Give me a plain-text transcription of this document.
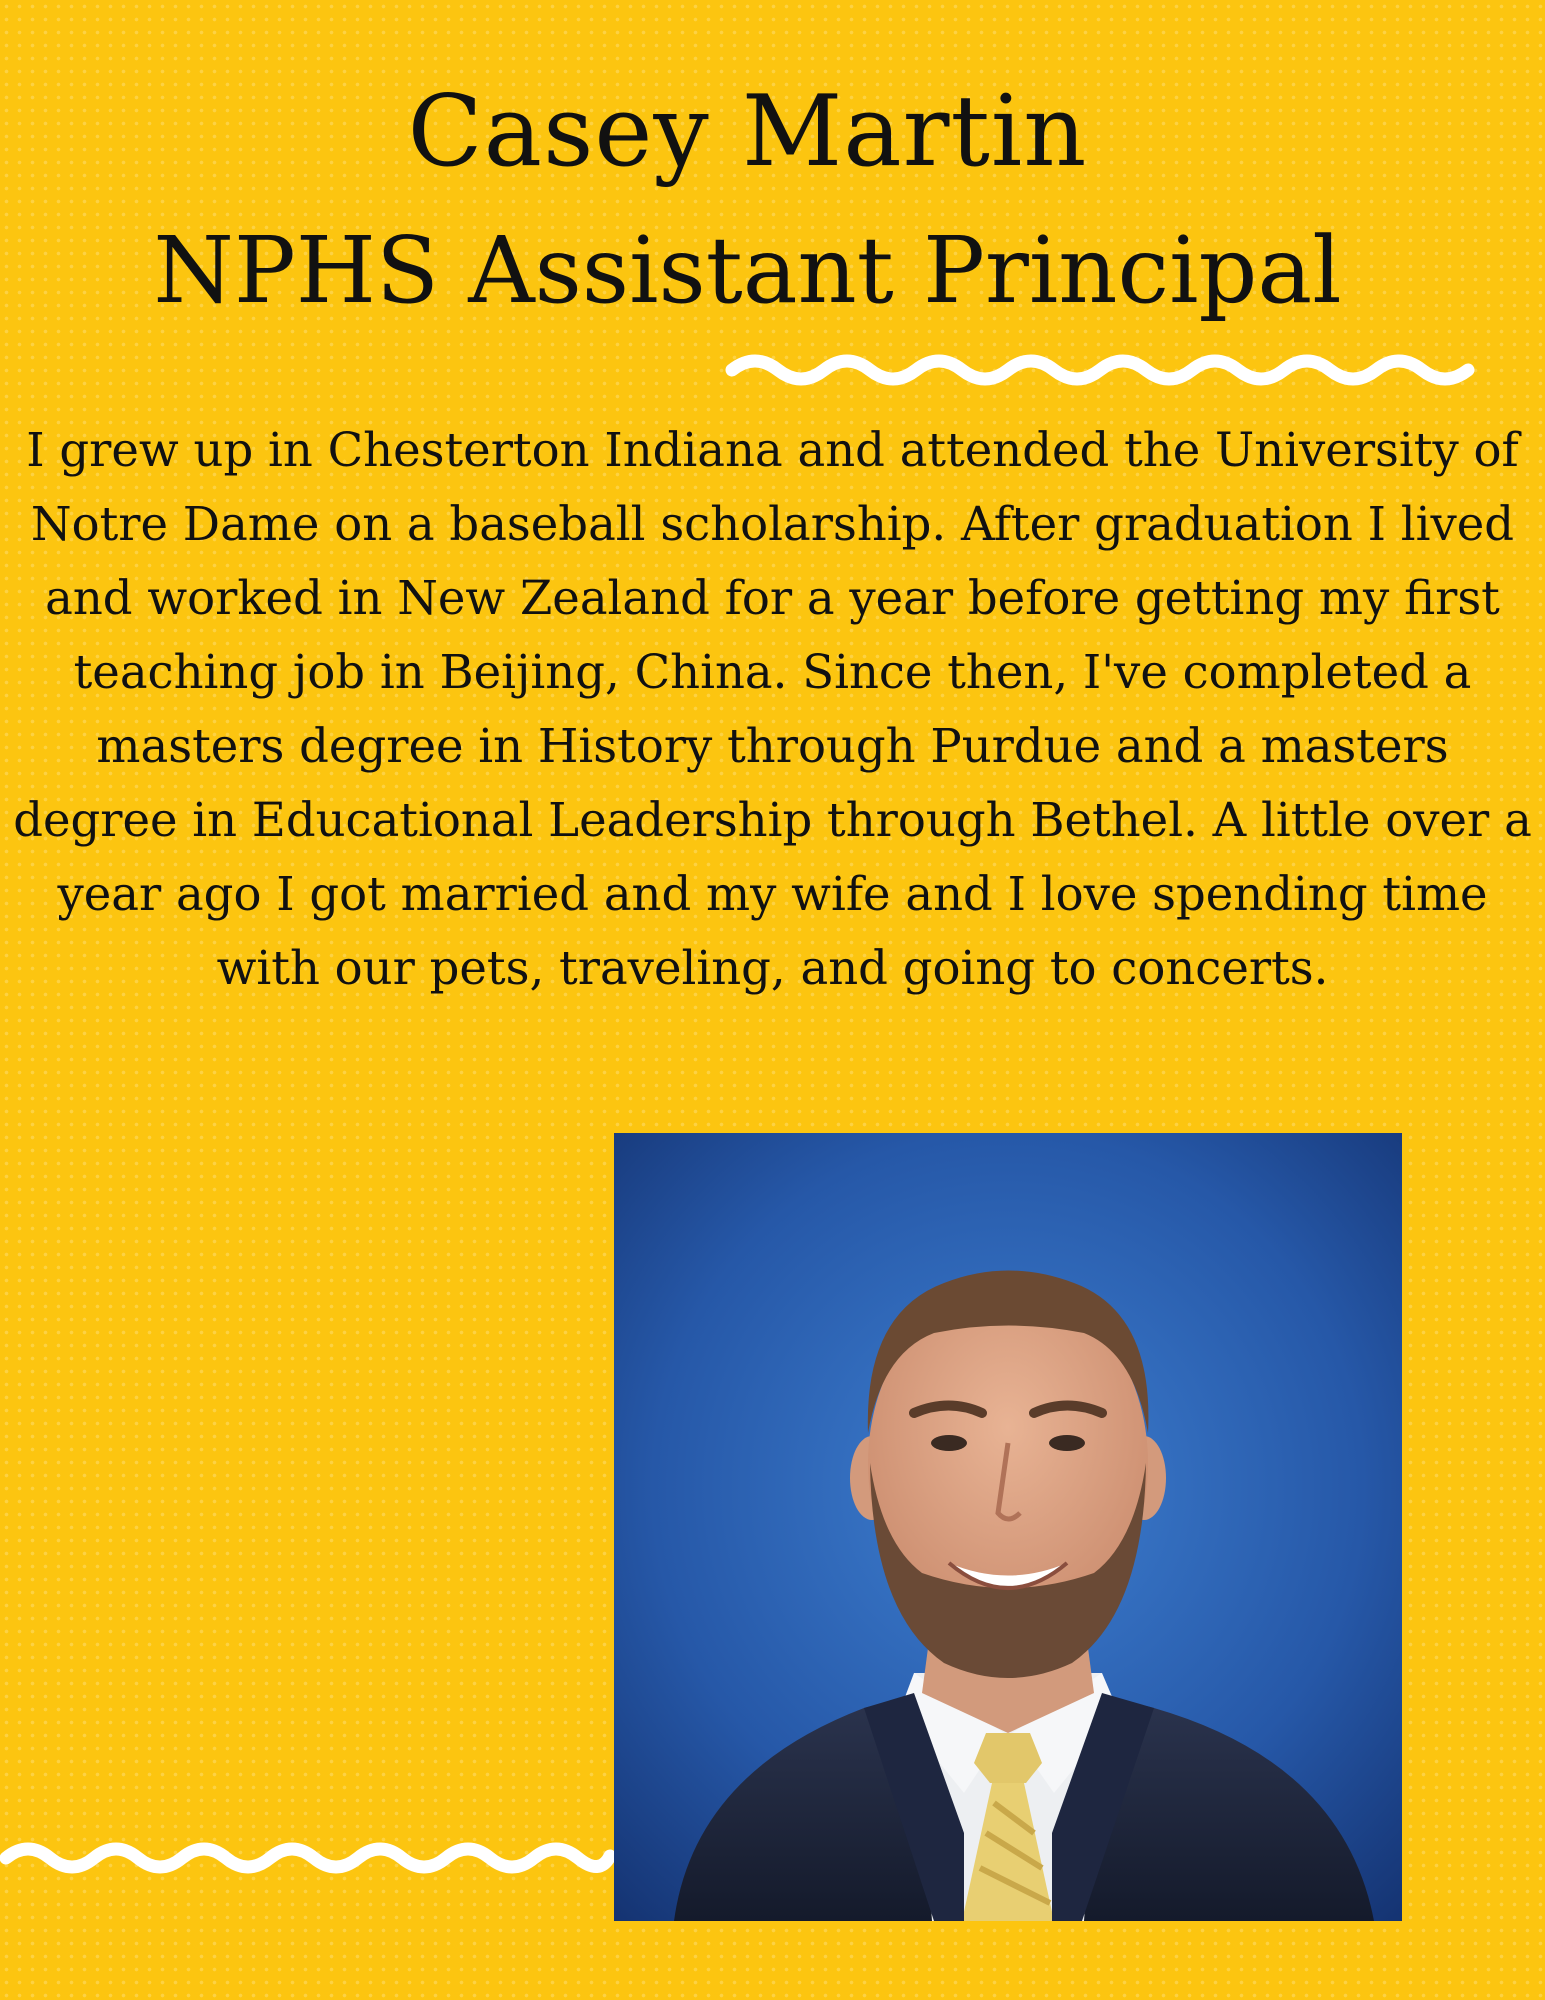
Casey Martin
NPHS Assistant Principal

I grew up in Chesterton Indiana and attended the University of Notre Dame on a baseball scholarship. After graduation I lived and worked in New Zealand for a year before getting my first teaching job in Beijing, China. Since then, I've completed a masters degree in History through Purdue and a masters degree in Educational Leadership through Bethel. A little over a year ago I got married and my wife and I love spending time with our pets, traveling, and going to concerts.
